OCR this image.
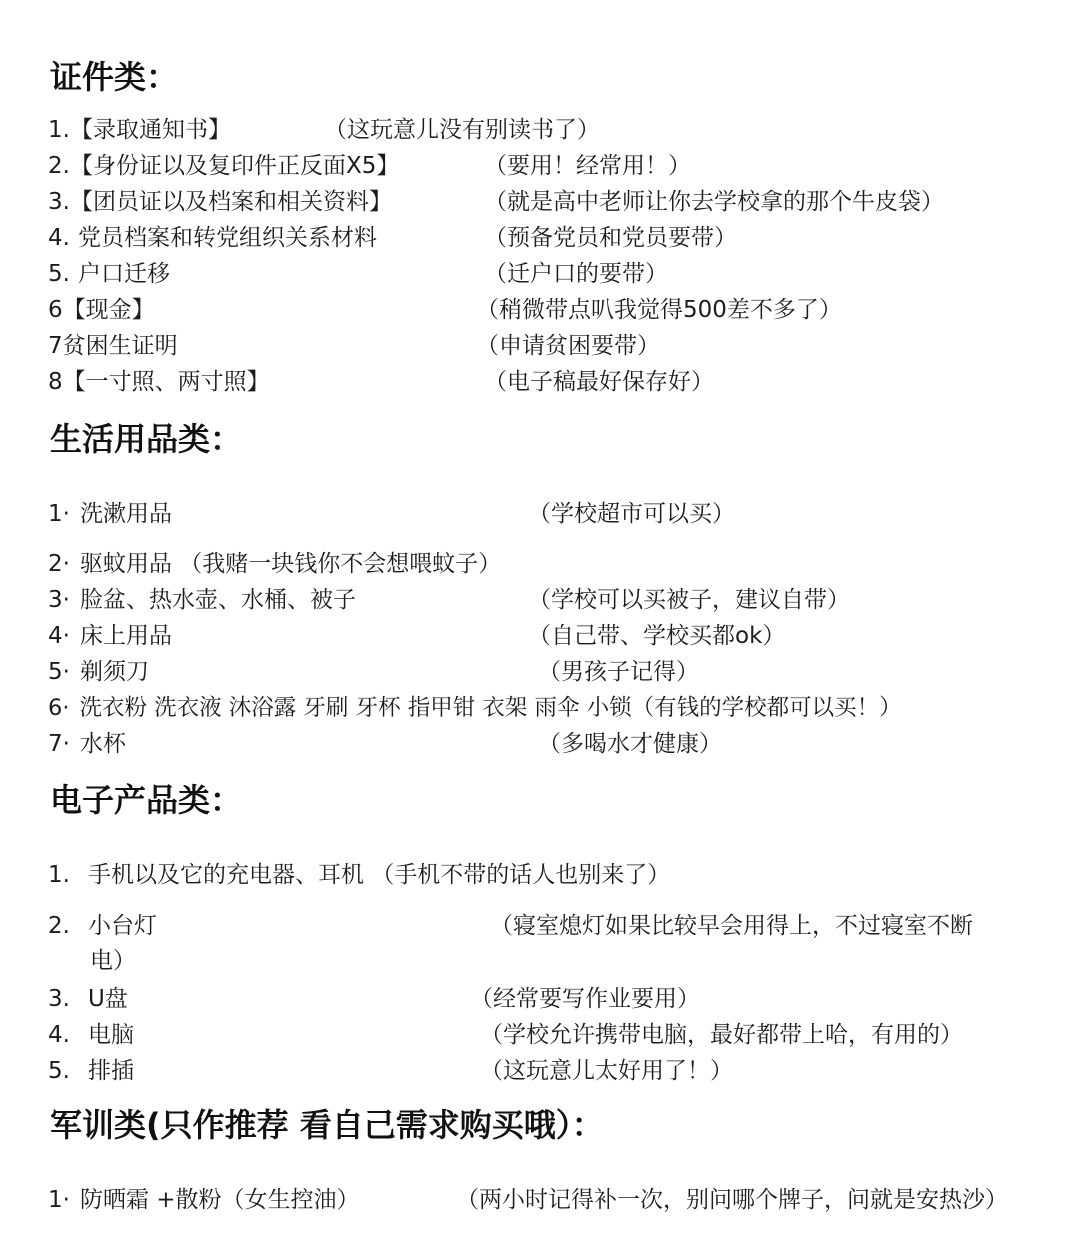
证件类：
1.【录取通知书】	（这玩意儿没有别读书了）
2.【身份证以及复印件正反面X5】	（要用！经常用！）
3.【团员证以及档案和相关资料】	（就是高中老师让你去学校拿的那个牛皮袋）
4. 党员档案和转党组织关系材料	（预备党员和党员要带）
5. 户口迁移	（迁户口的要带）
6【现金】	（稍微带点叭我觉得500差不多了）
7贫困生证明	（申请贫困要带）
8【一寸照、两寸照】	（电子稿最好保存好）
生活用品类：
1· 洗漱用品	（学校超市可以买）
2· 驱蚊用品 （我赌一块钱你不会想喂蚊子）
3· 脸盆、热水壶、水桶、被子	（学校可以买被子，建议自带）
4· 床上用品	（自己带、学校买都ok）
5· 剃须刀	（男孩子记得）
6· 洗衣粉 洗衣液 沐浴露 牙刷 牙杯 指甲钳 衣架 雨伞 小锁（有钱的学校都可以买！）
7· 水杯	（多喝水才健康）
电子产品类：
1. 手机以及它的充电器、耳机 （手机不带的话人也别来了）
2. 小台灯	（寝室熄灯如果比较早会用得上，不过寝室不断
电）
3. U盘	（经常要写作业要用）
4. 电脑	（学校允许携带电脑，最好都带上哈，有用的）
5. 排插	（这玩意儿太好用了！）
军训类(只作推荐 看自己需求购买哦）：
1· 防晒霜 +散粉（女生控油）	（两小时记得补一次，别问哪个牌子，问就是安热沙）
